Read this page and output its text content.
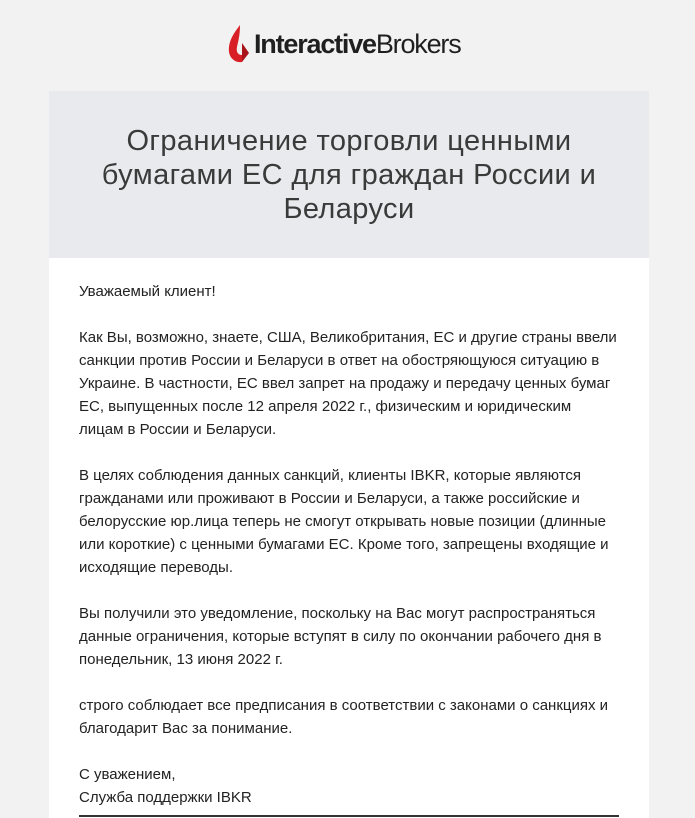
InteractiveBrokers
Ограничение торговли ценными бумагами ЕС для граждан России и Беларуси

Уважаемый клиент!

Как Вы, возможно, знаете, США, Великобритания, ЕС и другие страны ввели санкции против России и Беларуси в ответ на обостряющуюся ситуацию в Украине. В частности, ЕС ввел запрет на продажу и передачу ценных бумаг ЕС, выпущенных после 12 апреля 2022 г., физическим и юридическим лицам в России и Беларуси.

В целях соблюдения данных санкций, клиенты IBKR, которые являются гражданами или проживают в России и Беларуси, а также российские и белорусские юр.лица теперь не смогут открывать новые позиции (длинные или короткие) с ценными бумагами ЕС. Кроме того, запрещены входящие и исходящие переводы.

Вы получили это уведомление, поскольку на Вас могут распространяться данные ограничения, которые вступят в силу по окончании рабочего дня в понедельник, 13 июня 2022 г.

строго соблюдает все предписания в соответствии с законами о санкциях и благодарит Вас за понимание.

С уважением,
Служба поддержки IBKR
